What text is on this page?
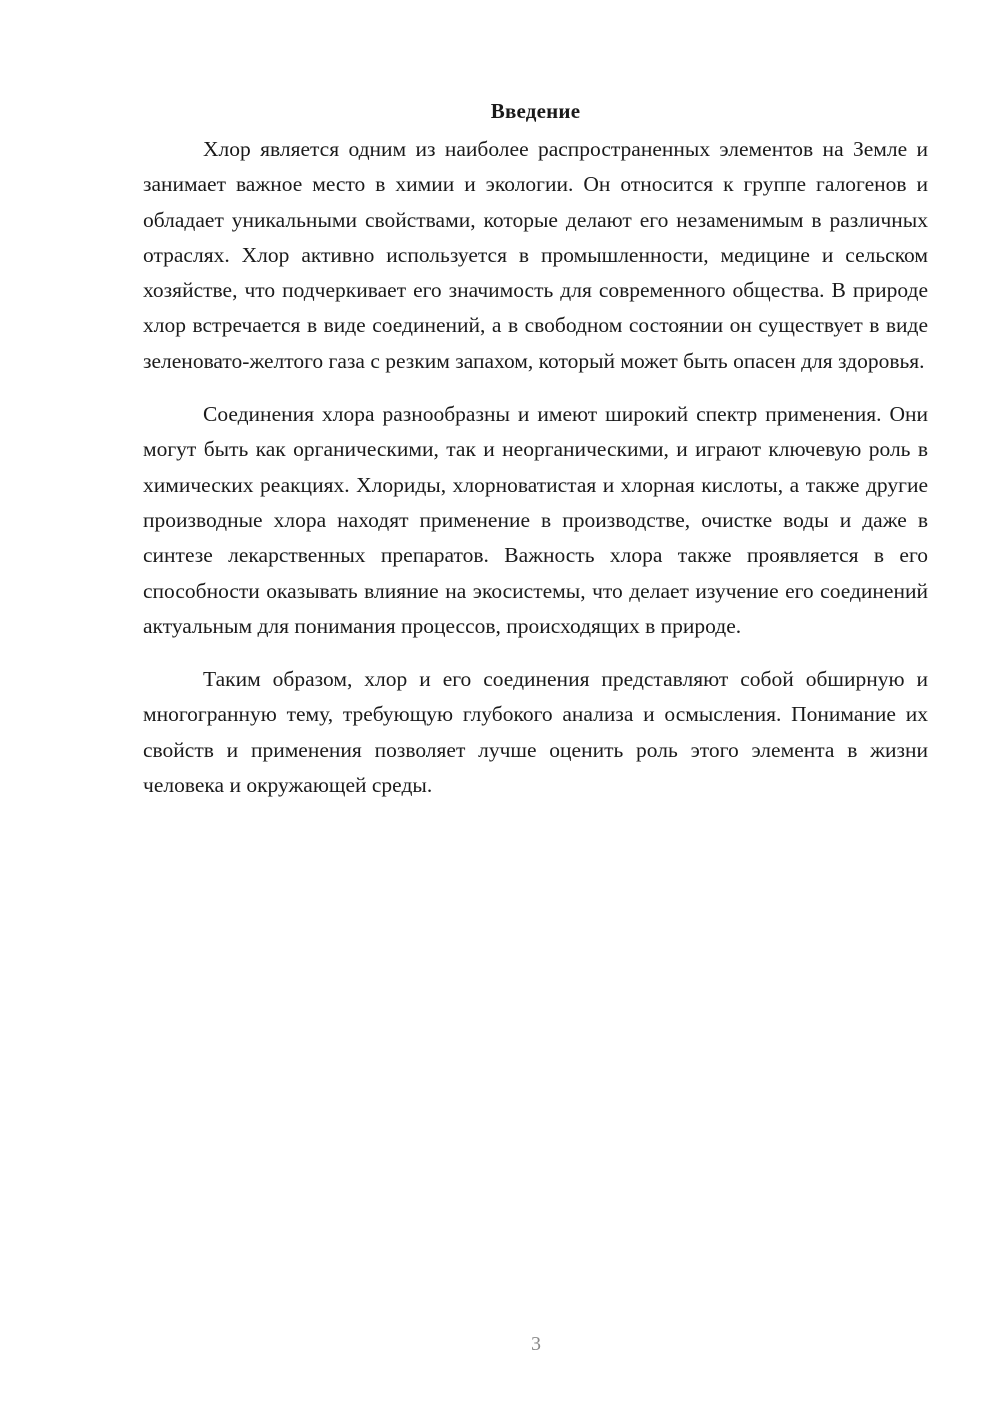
Введение

Хлор является одним из наиболее распространенных элементов на Земле и занимает важное место в химии и экологии. Он относится к группе галогенов и обладает уникальными свойствами, которые делают его незаменимым в различных отраслях. Хлор активно используется в промышленности, медицине и сельском хозяйстве, что подчеркивает его значимость для современного общества. В природе хлор встречается в виде соединений, а в свободном состоянии он существует в виде зеленовато-желтого газа с резким запахом, который может быть опасен для здоровья.

Соединения хлора разнообразны и имеют широкий спектр применения. Они могут быть как органическими, так и неорганическими, и играют ключевую роль в химических реакциях. Хлориды, хлорноватистая и хлорная кислоты, а также другие производные хлора находят применение в производстве, очистке воды и даже в синтезе лекарственных препаратов. Важность хлора также проявляется в его способности оказывать влияние на экосистемы, что делает изучение его соединений актуальным для понимания процессов, происходящих в природе.

Таким образом, хлор и его соединения представляют собой обширную и многогранную тему, требующую глубокого анализа и осмысления. Понимание их свойств и применения позволяет лучше оценить роль этого элемента в жизни человека и окружающей среды.

3
